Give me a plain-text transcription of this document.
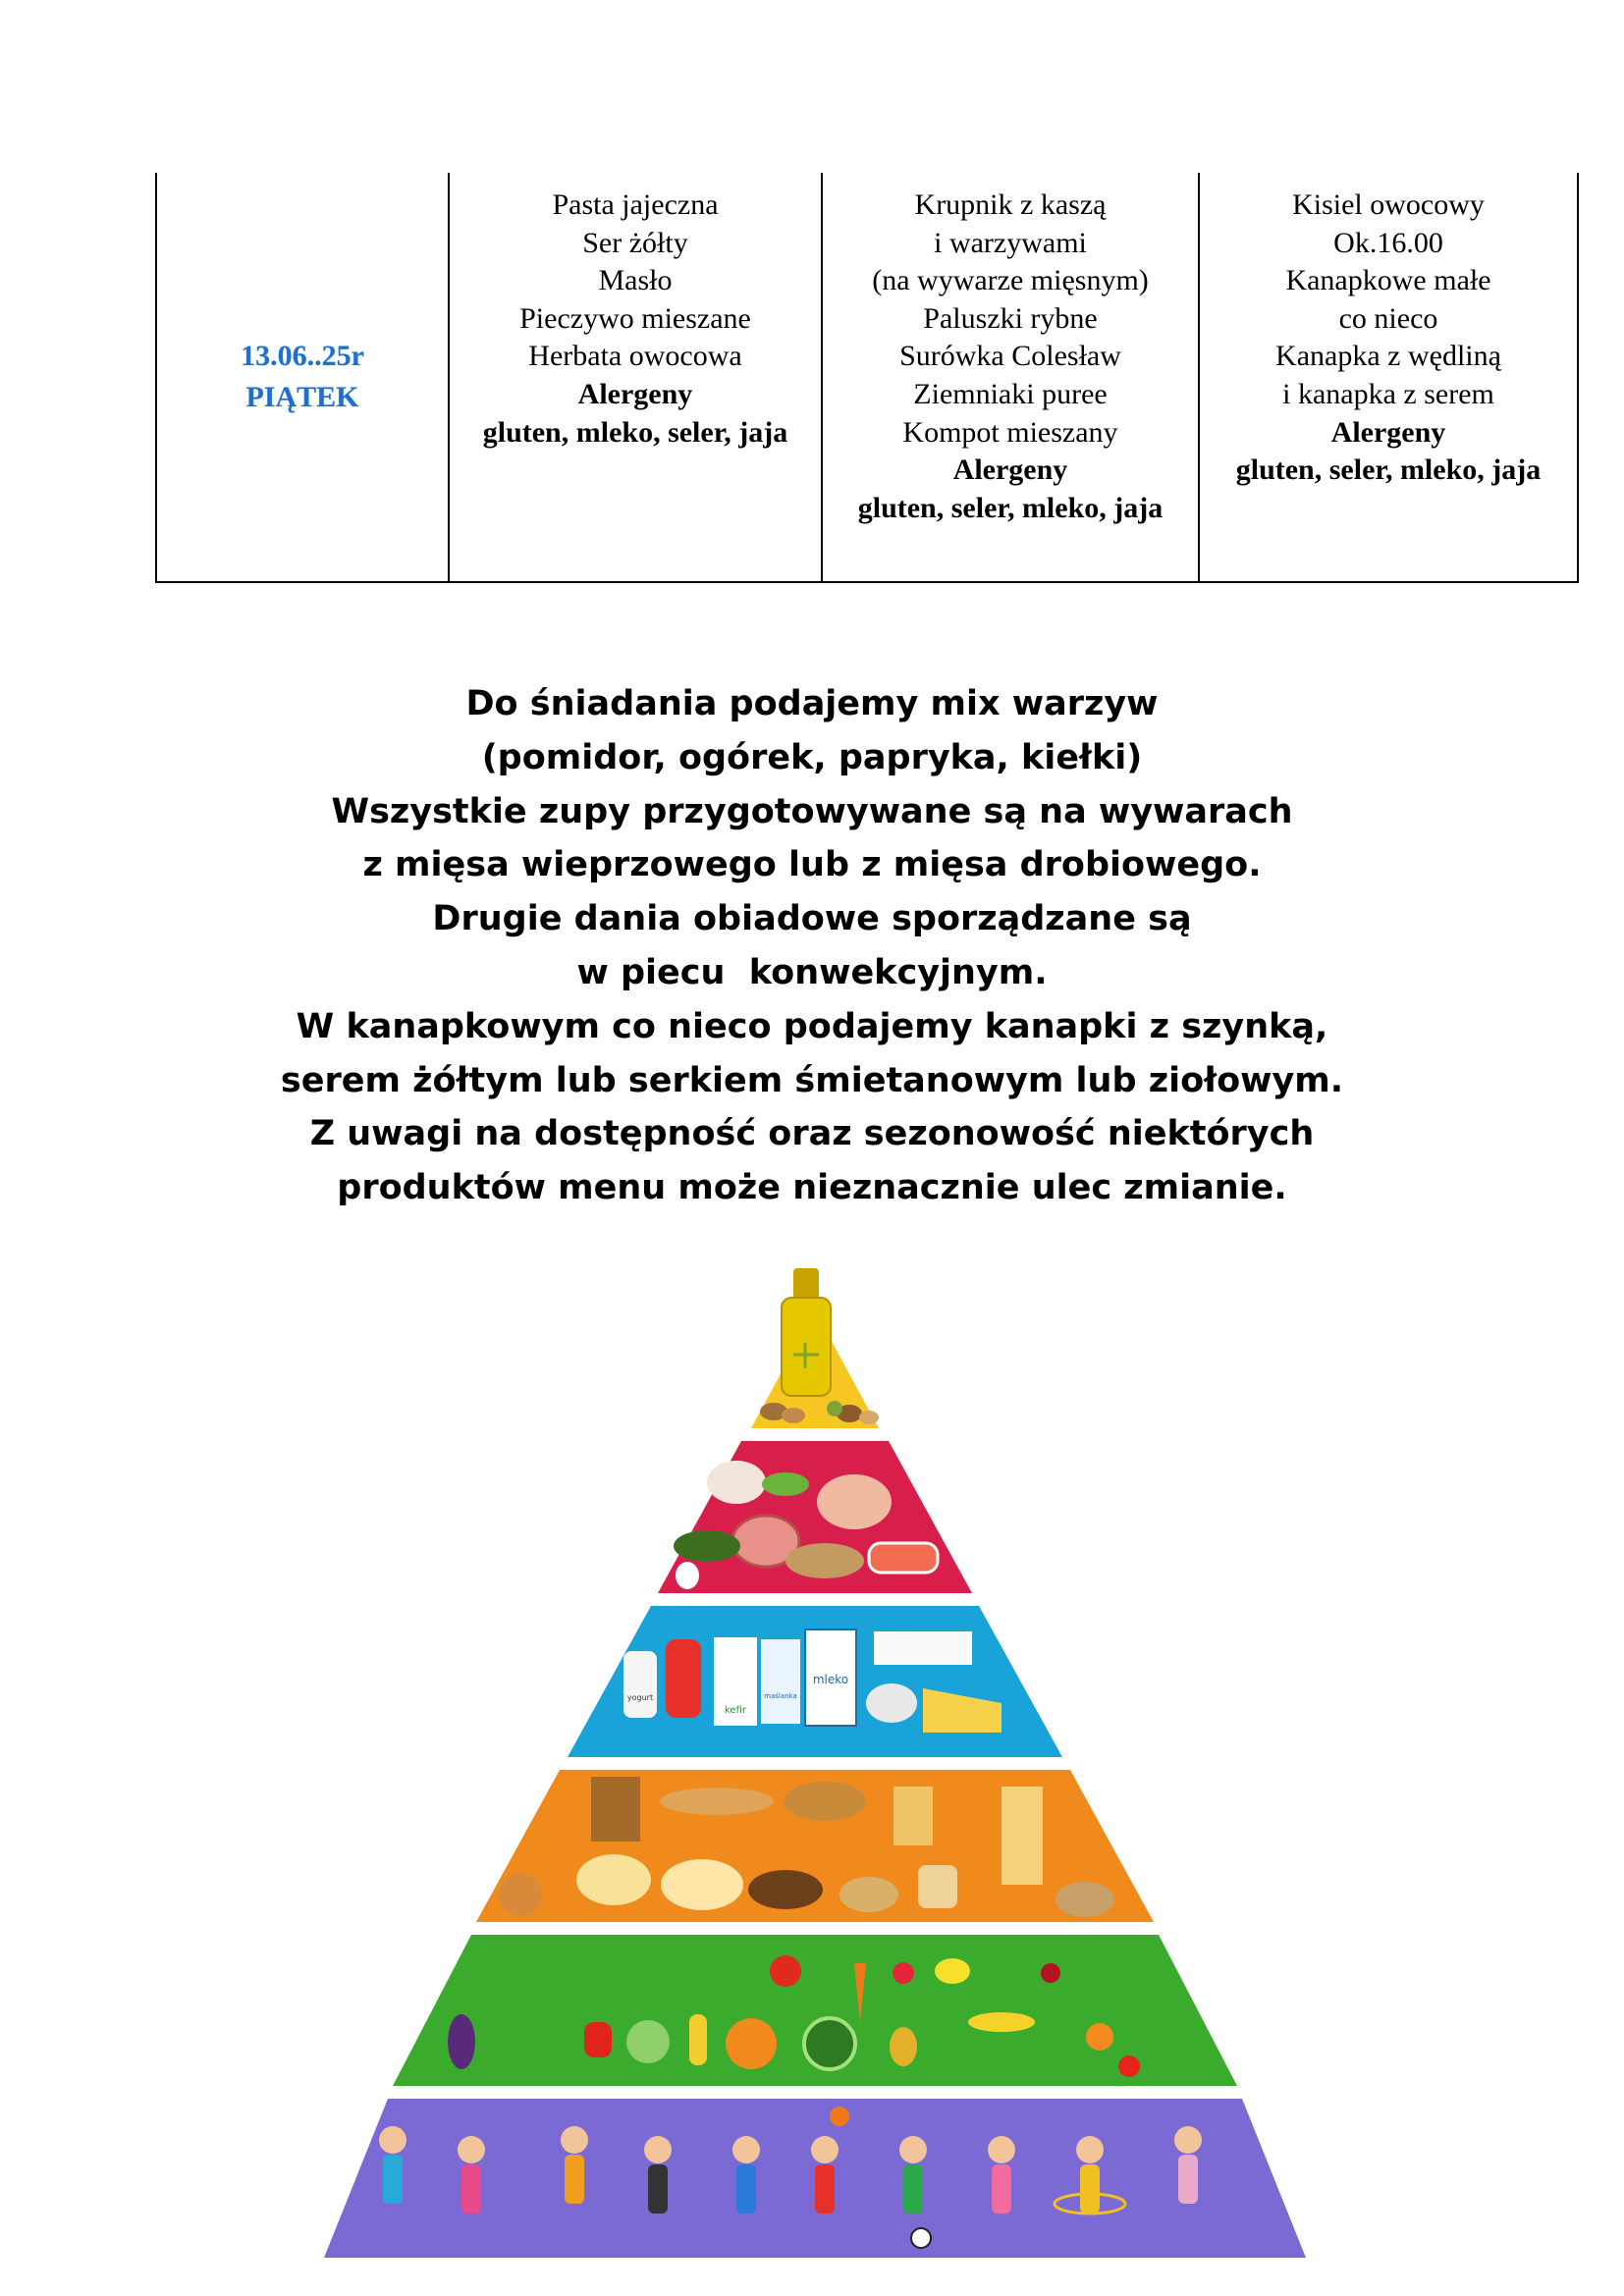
13.06..25r
PIĄTEK

Pasta jajeczna
Ser żółty
Masło
Pieczywo mieszane
Herbata owocowa
Alergeny
gluten, mleko, seler, jaja

Krupnik z kaszą
i warzywami
(na wywarze mięsnym)
Paluszki rybne
Surówka Colesław
Ziemniaki puree
Kompot mieszany
Alergeny
gluten, seler, mleko, jaja

Kisiel owocowy
Ok.16.00
Kanapkowe małe
co nieco
Kanapka z wędliną
i kanapka z serem
Alergeny
gluten, seler, mleko, jaja
Do śniadania podajemy mix warzyw
(pomidor, ogórek, papryka, kiełki)
Wszystkie zupy przygotowywane są na wywarach
z mięsa wieprzowego lub z mięsa drobiowego.
Drugie dania obiadowe sporządzane są
w piecu  konwekcyjnym.
W kanapkowym co nieco podajemy kanapki z szynką,
serem żółtym lub serkiem śmietanowym lub ziołowym.
Z uwagi na dostępność oraz sezonowość niektórych
produktów menu może nieznacznie ulec zmianie.
yogurt
kefir
mleko
maślanka
